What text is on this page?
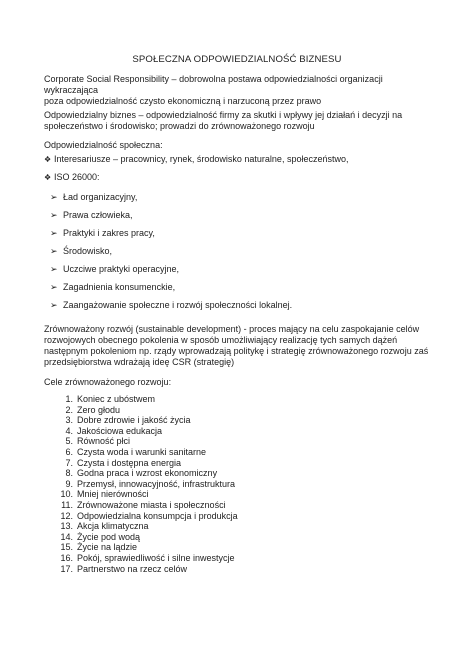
SPOŁECZNA ODPOWIEDZIALNOŚĆ BIZNESU
Corporate Social Responsibility – dobrowolna postawa odpowiedzialności organizacji wykraczająca
poza odpowiedzialność czysto ekonomiczną i narzuconą przez prawo
Odpowiedzialny biznes – odpowiedzialność firmy za skutki i wpływy jej działań i decyzji na
społeczeństwo i środowisko; prowadzi do zrównoważonego rozwoju
Odpowiedzialność społeczna:
❖ Interesariusze – pracownicy, rynek, środowisko naturalne, społeczeństwo,
❖ ISO 26000:
➢ Ład organizacyjny,
➢ Prawa człowieka,
➢ Praktyki i zakres pracy,
➢ Środowisko,
➢ Uczciwe praktyki operacyjne,
➢ Zagadnienia konsumenckie,
➢ Zaangażowanie społeczne i rozwój społeczności lokalnej.
Zrównoważony rozwój (sustainable development) - proces mający na celu zaspokajanie celów
rozwojowych obecnego pokolenia w sposób umożliwiający realizację tych samych dążeń
następnym pokoleniom np. rządy wprowadzają politykę i strategię zrównoważonego rozwoju zaś
przedsiębiorstwa wdrażają ideę CSR (strategię)
Cele zrównoważonego rozwoju:
1. Koniec z ubóstwem
2. Zero głodu
3. Dobre zdrowie i jakość życia
4. Jakościowa edukacja
5. Równość płci
6. Czysta woda i warunki sanitarne
7. Czysta i dostępna energia
8. Godna praca i wzrost ekonomiczny
9. Przemysł, innowacyjność, infrastruktura
10. Mniej nierówności
11. Zrównoważone miasta i społeczności
12. Odpowiedzialna konsumpcja i produkcja
13. Akcja klimatyczna
14. Życie pod wodą
15. Życie na lądzie
16. Pokój, sprawiedliwość i silne inwestycje
17. Partnerstwo na rzecz celów
